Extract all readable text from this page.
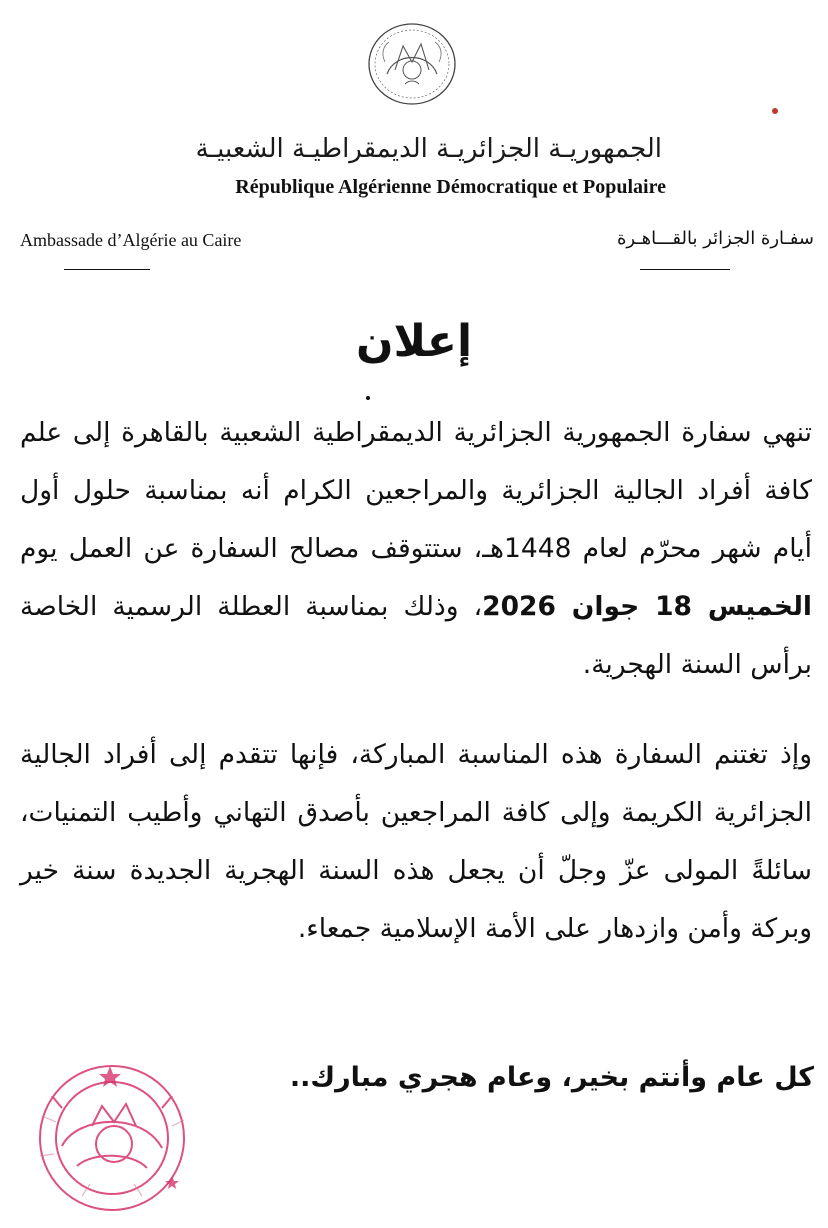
الجمهوريـة الجزائريـة الديمقراطيـة الشعبيـة
République Algérienne Démocratique et Populaire
Ambassade d’Algérie au Caire	سفـارة الجزائر بالقـــاهـرة
إعلان
تنهي سفارة الجمهورية الجزائرية الديمقراطية الشعبية بالقاهرة إلى علم كافة أفراد الجالية الجزائرية والمراجعين الكرام أنه بمناسبة حلول أول أيام شهر محرّم لعام 1448هـ، ستتوقف مصالح السفارة عن العمل يوم الخميس 18 جوان 2026، وذلك بمناسبة العطلة الرسمية الخاصة برأس السنة الهجرية.
وإذ تغتنم السفارة هذه المناسبة المباركة، فإنها تتقدم إلى أفراد الجالية الجزائرية الكريمة وإلى كافة المراجعين بأصدق التهاني وأطيب التمنيات، سائلةً المولى عزّ وجلّ أن يجعل هذه السنة الهجرية الجديدة سنة خير وبركة وأمن وازدهار على الأمة الإسلامية جمعاء.
كل عام وأنتم بخير، وعام هجري مبارك..
